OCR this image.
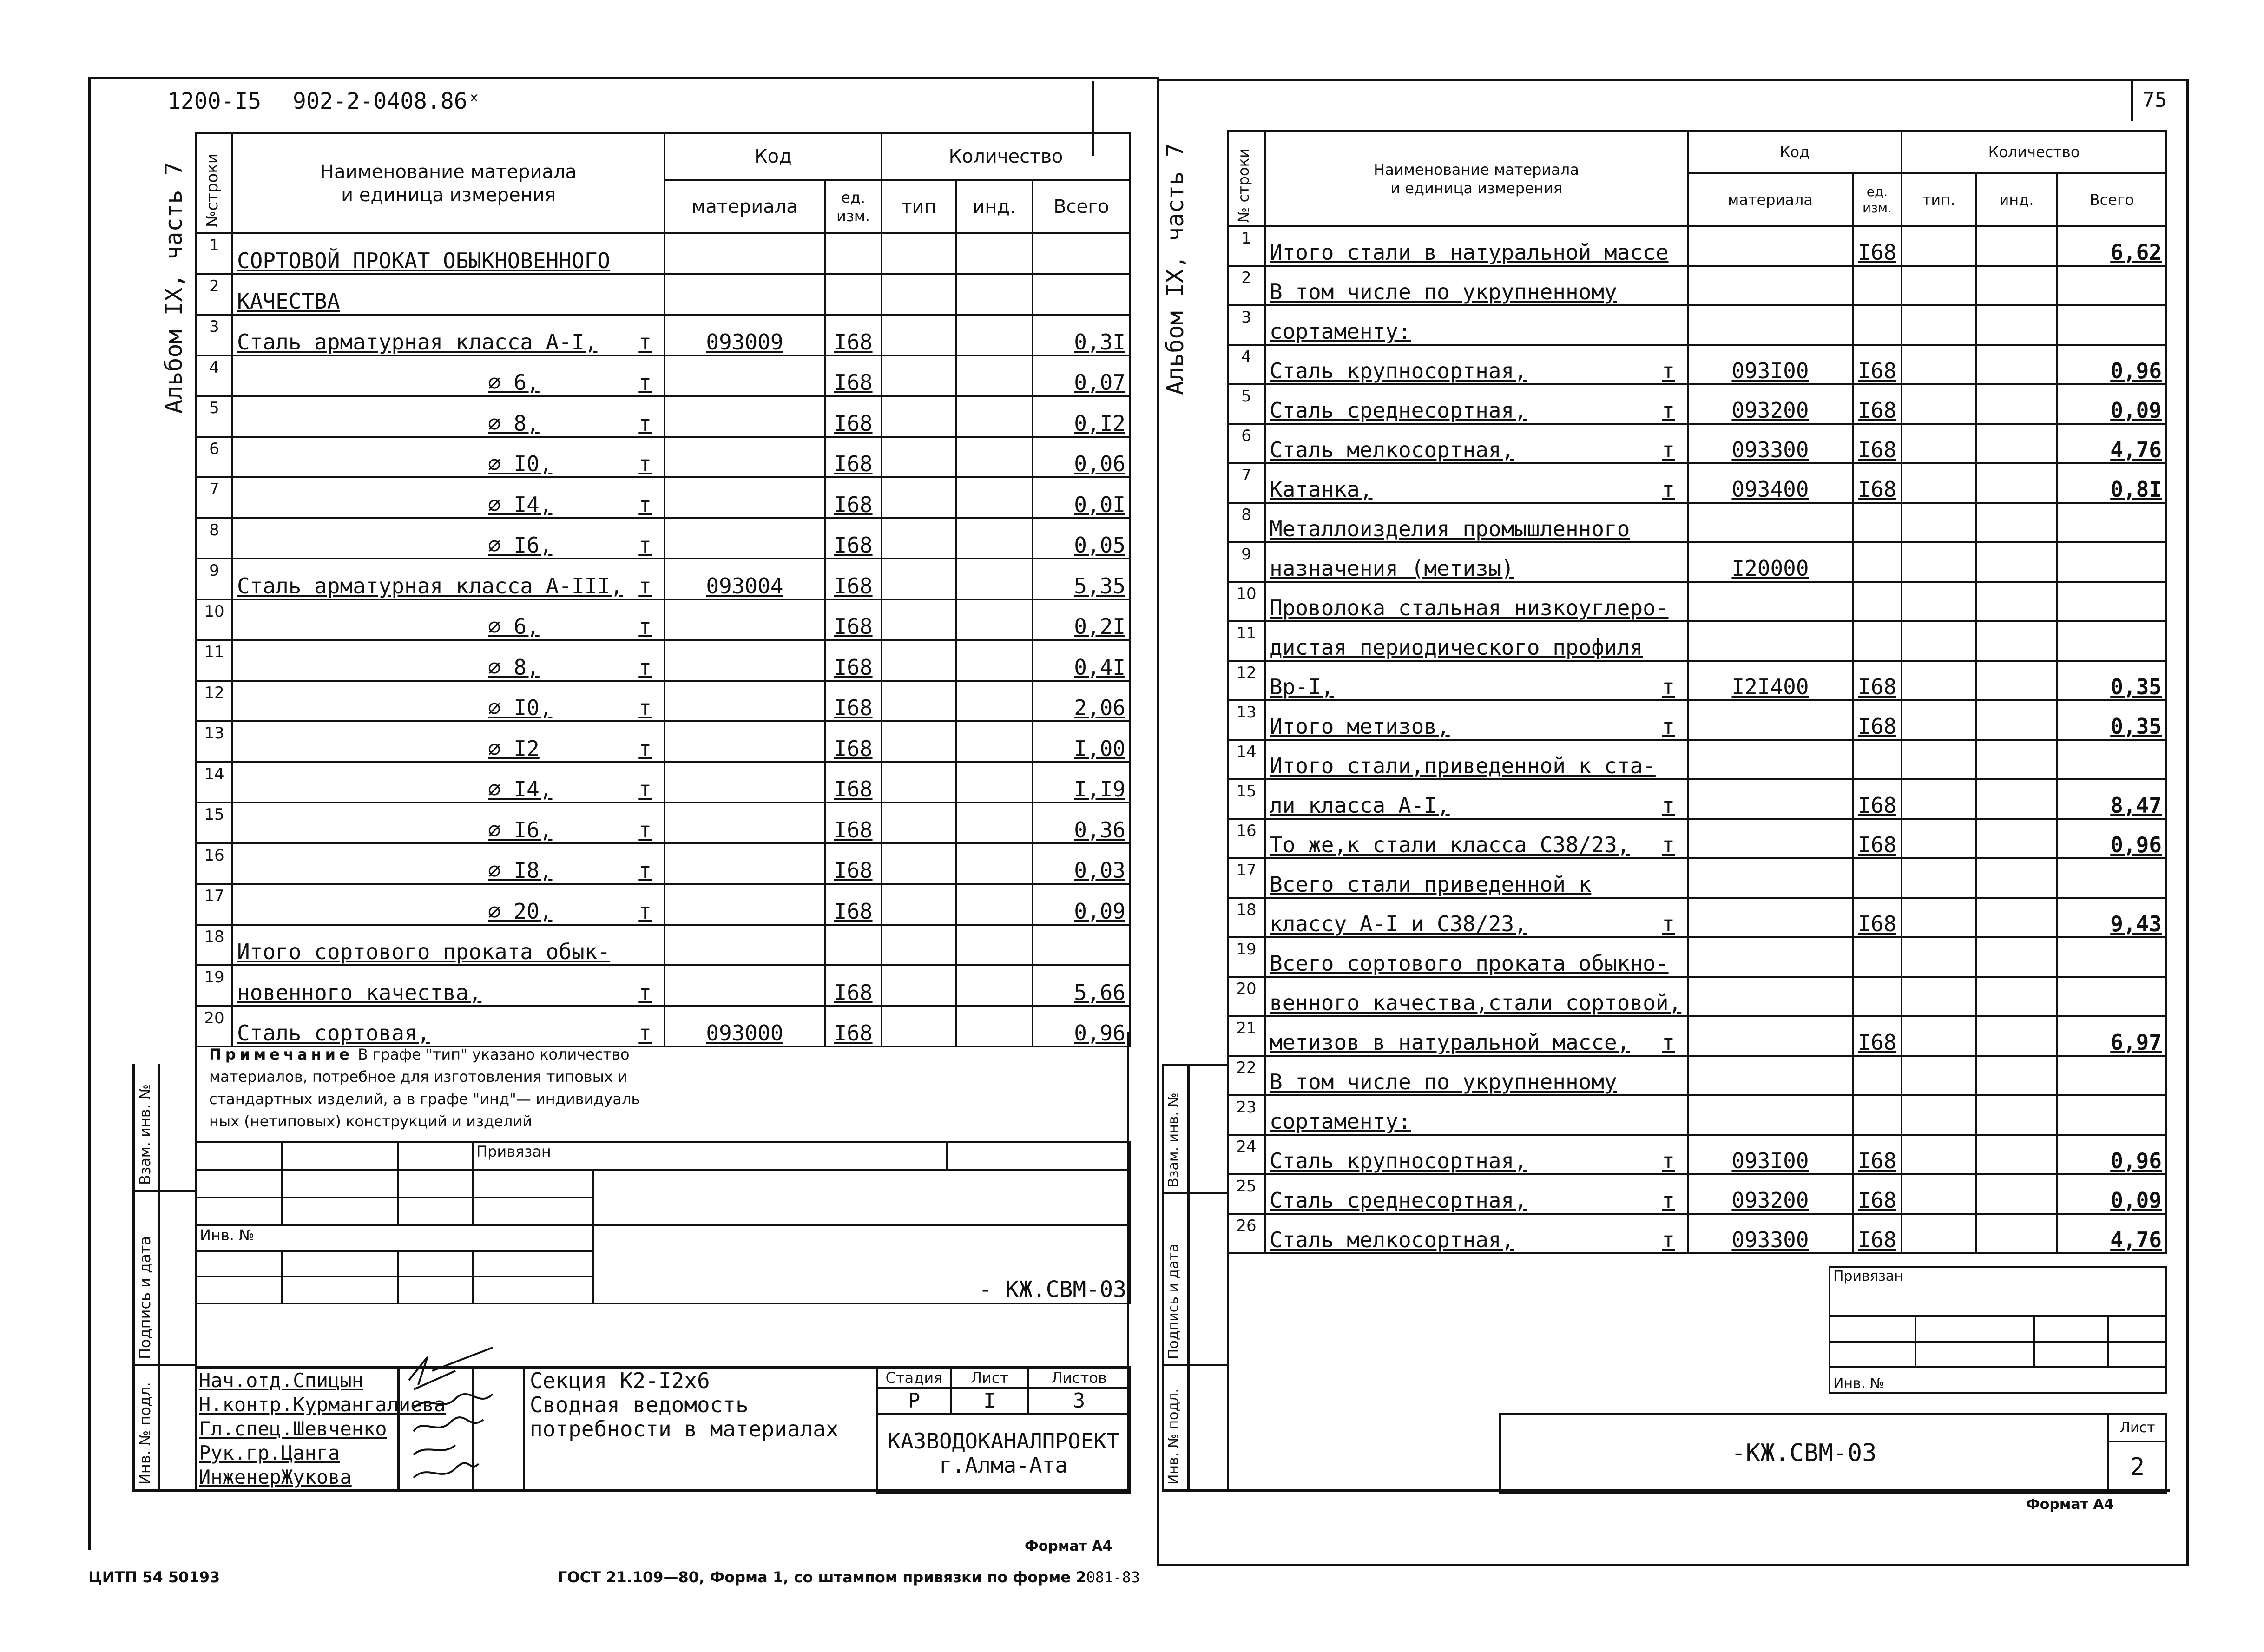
1200-I5 902-2-0408.86ˣ	75
Альбом IX, часть 7	Альбом IX, часть 7
№строки	Наименование материала
и единица измерения	Код		Количество		
		материала	ед. изм.	тип	инд.	Всего
1	СОРТОВОЙ ПРОКАТ ОБЫКНОВЕННОГО					

2	КАЧЕСТВА					

3	Сталь арматурная класса А-I, т	093009	I68			0,3I
4	∅ 6, т		I68			0,07
5	∅ 8, т		I68			0,I2
6	∅ I0, т		I68			0,06
7	∅ I4, т		I68			0,0I
8	∅ I6, т		I68			0,05
9	Сталь арматурная класса А-III, т	093004	I68			5,35
10	∅ 6, т		I68			0,2I
11	∅ 8, т		I68			0,4I
12	∅ I0, т		I68			2,06
13	∅ I2 т		I68			I,00
14	∅ I4, т		I68			I,I9
15	∅ I6, т		I68			0,36
16	∅ I8, т		I68			0,03
17	∅ 20, т		I68			0,09
18	Итого сортового проката обык-					

19	новенного качества, т		I68			5,66
20	Сталь сортовая, т	093000	I68			0,96
Примечание В графе "тип" указано количество
материалов, потребное для изготовления типовых и
стандартных изделий, а в графе "инд"— индивидуаль
ных (нетиповых) конструкций и изделий
Взам. инв. №
Подпись и дата
Инв. № подл.
			Привязан		

Инв. №					

				- КЖ.СВМ-03	
Нач.отд.Спицын
Н.контр.Курмангалиева
Гл.спец.Шевченко
Рук.гр.Цанга
ИнженерЖукова
Секция К2-I2х6
Сводная ведомость
потребности в материалах
Стадия	Лист	Листов
Р	I	3

КАЗВОДОКАНАЛПРОЕКТ
г.Алма-Ата		
Формат А4
№ строки	Наименование материала
и единица измерения	Код		Количество		
		материала	ед. изм.	тип.	инд.	Всего
1	Итого стали в натуральной массе		I68			6,62
2	В том числе по укрупненному					

3	сортаменту:					

4	Сталь крупносортная, т	093I00	I68			0,96
5	Сталь среднесортная, т	093200	I68			0,09
6	Сталь мелкосортная, т	093300	I68			4,76
7	Катанка, т	093400	I68			0,8I
8	Металлоизделия промышленного					

9	назначения (метизы)	I20000				
10	Проволока стальная низкоуглеро-					

11	дистая периодического профиля					

12	Вр-I, т	I2I400	I68			0,35
13	Итого метизов, т		I68			0,35
14	Итого стали,приведенной к ста-					

15	ли класса А-I, т		I68			8,47
16	То же,к стали класса С38/23, т		I68			0,96
17	Всего стали приведенной к					

18	классу А-I и С38/23, т		I68			9,43
19	Всего сортового проката обыкно-					

20	венного качества,стали сортовой,					

21	метизов в натуральной массе, т		I68			6,97
22	В том числе по укрупненному					

23	сортаменту:					

24	Сталь крупносортная, т	093I00	I68			0,96
25	Сталь среднесортная, т	093200	I68			0,09
26	Сталь мелкосортная, т	093300	I68			4,76
Взам. инв. №
Подпись и дата
Инв. № подл.
Привязан			

Инв. №			
-КЖ.СВМ-03	Лист
2
Формат А4
ЦИТП 54 50193	ГОСТ 21.109—80, Форма 1, со штампом привязки по форме 2081-83
